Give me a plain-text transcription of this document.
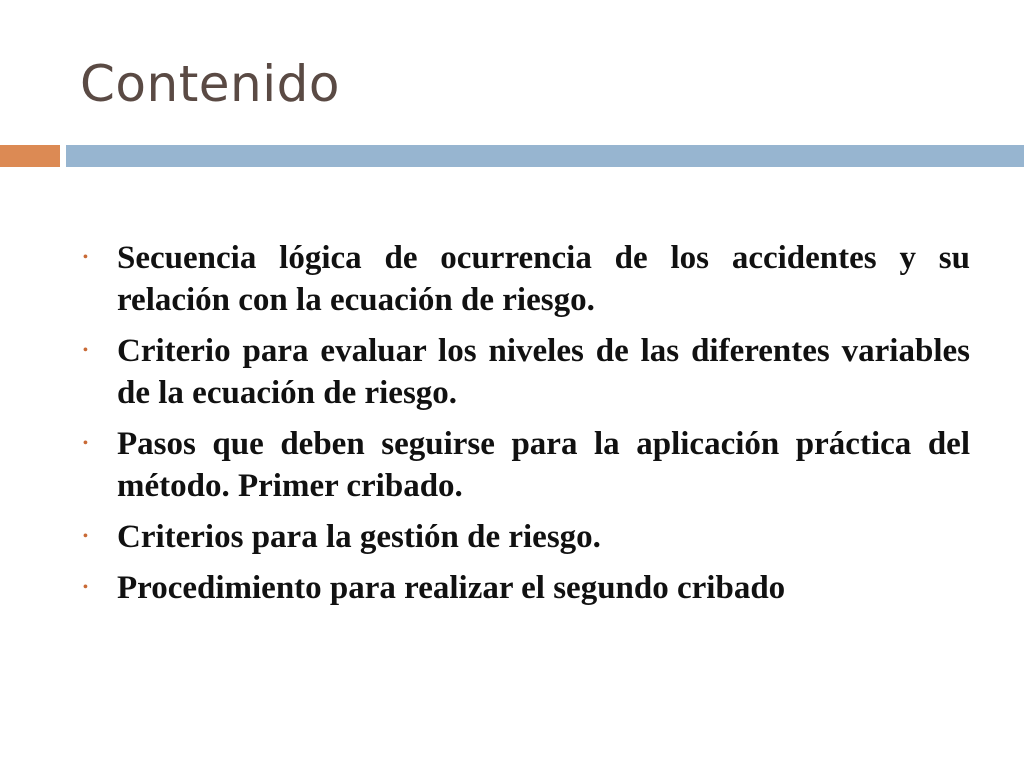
Contenido
• Secuencia lógica de ocurrencia de los accidentes y su relación con la ecuación de riesgo.
• Criterio para evaluar los niveles de las diferentes variables de la ecuación de riesgo.
• Pasos que deben seguirse para la aplicación práctica del método. Primer cribado.
• Criterios para la gestión de riesgo.
• Procedimiento para realizar el segundo cribado
